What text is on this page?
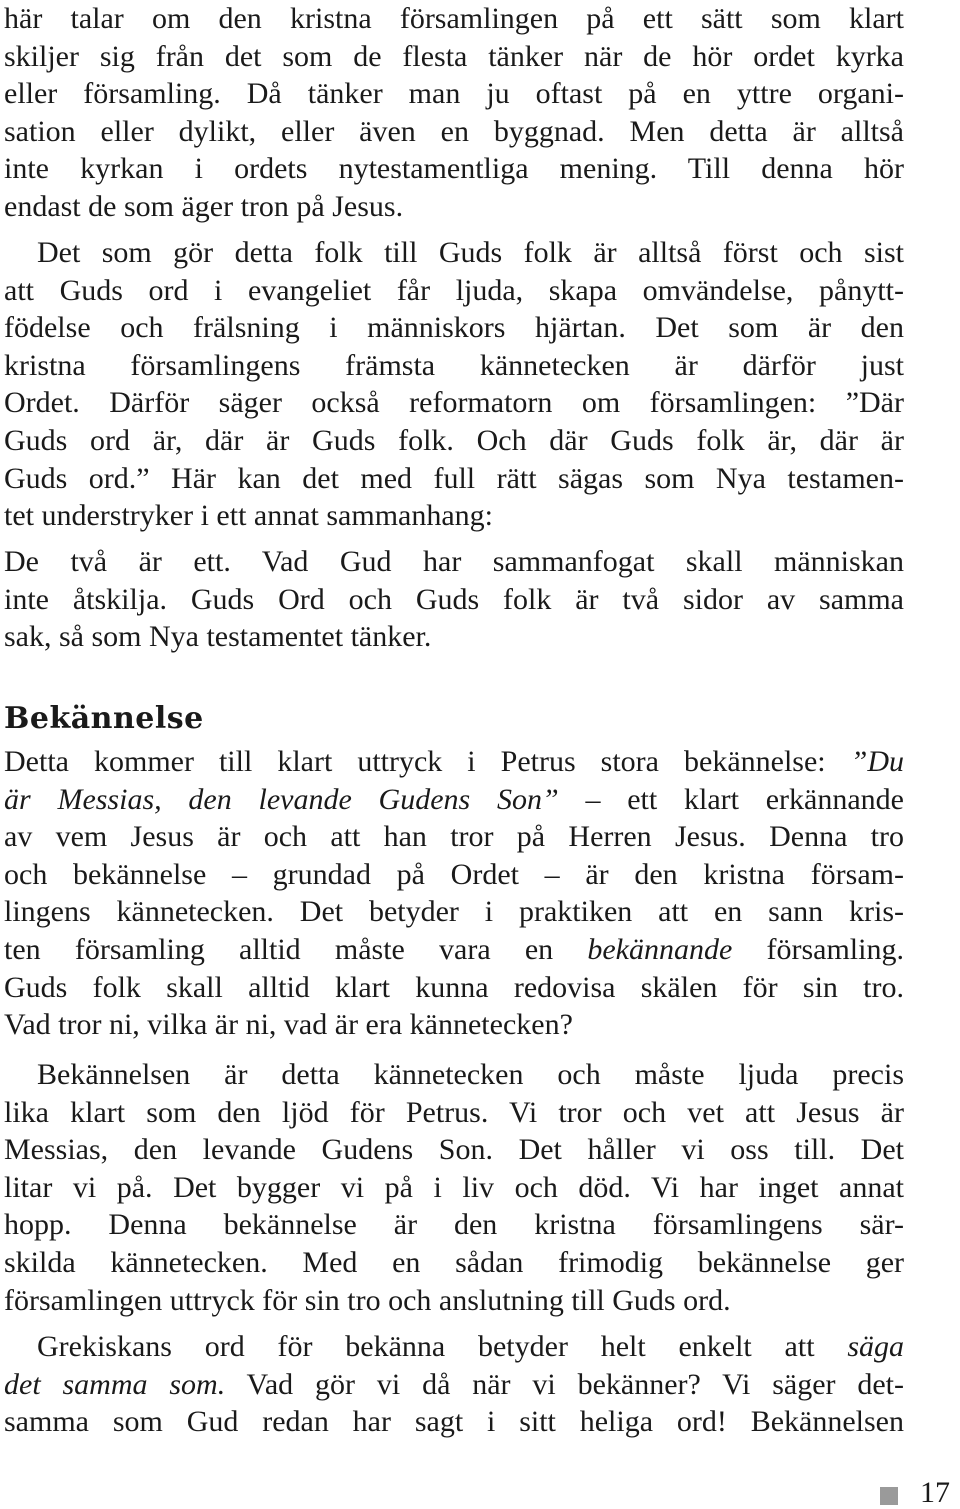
här talar om den kristna församlingen på ett sätt som klart
skiljer sig från det som de flesta tänker när de hör ordet kyrka
eller församling. Då tänker man ju oftast på en yttre organi-
sation eller dylikt, eller även en byggnad. Men detta är alltså
inte kyrkan i ordets nytestamentliga mening. Till denna hör
endast de som äger tron på Jesus.
Det som gör detta folk till Guds folk är alltså först och sist
att Guds ord i evangeliet får ljuda, skapa omvändelse, pånytt-
födelse och frälsning i människors hjärtan. Det som är den
kristna församlingens främsta kännetecken är därför just
Ordet. Därför säger också reformatorn om församlingen: ”Där
Guds ord är, där är Guds folk. Och där Guds folk är, där är
Guds ord.” Här kan det med full rätt sägas som Nya testamen-
tet understryker i ett annat sammanhang:
De två är ett. Vad Gud har sammanfogat skall människan
inte åtskilja. Guds Ord och Guds folk är två sidor av samma
sak, så som Nya testamentet tänker.
Bekännelse
Detta kommer till klart uttryck i Petrus stora bekännelse: ”Du
är Messias, den levande Gudens Son” – ett klart erkännande
av vem Jesus är och att han tror på Herren Jesus. Denna tro
och bekännelse – grundad på Ordet – är den kristna försam-
lingens kännetecken. Det betyder i praktiken att en sann kris-
ten församling alltid måste vara en bekännande församling.
Guds folk skall alltid klart kunna redovisa skälen för sin tro.
Vad tror ni, vilka är ni, vad är era kännetecken?
Bekännelsen är detta kännetecken och måste ljuda precis
lika klart som den ljöd för Petrus. Vi tror och vet att Jesus är
Messias, den levande Gudens Son. Det håller vi oss till. Det
litar vi på. Det bygger vi på i liv och död. Vi har inget annat
hopp. Denna bekännelse är den kristna församlingens sär-
skilda kännetecken. Med en sådan frimodig bekännelse ger
församlingen uttryck för sin tro och anslutning till Guds ord.
Grekiskans ord för bekänna betyder helt enkelt att säga
det samma som. Vad gör vi då när vi bekänner? Vi säger det-
samma som Gud redan har sagt i sitt heliga ord! Bekännelsen
17
